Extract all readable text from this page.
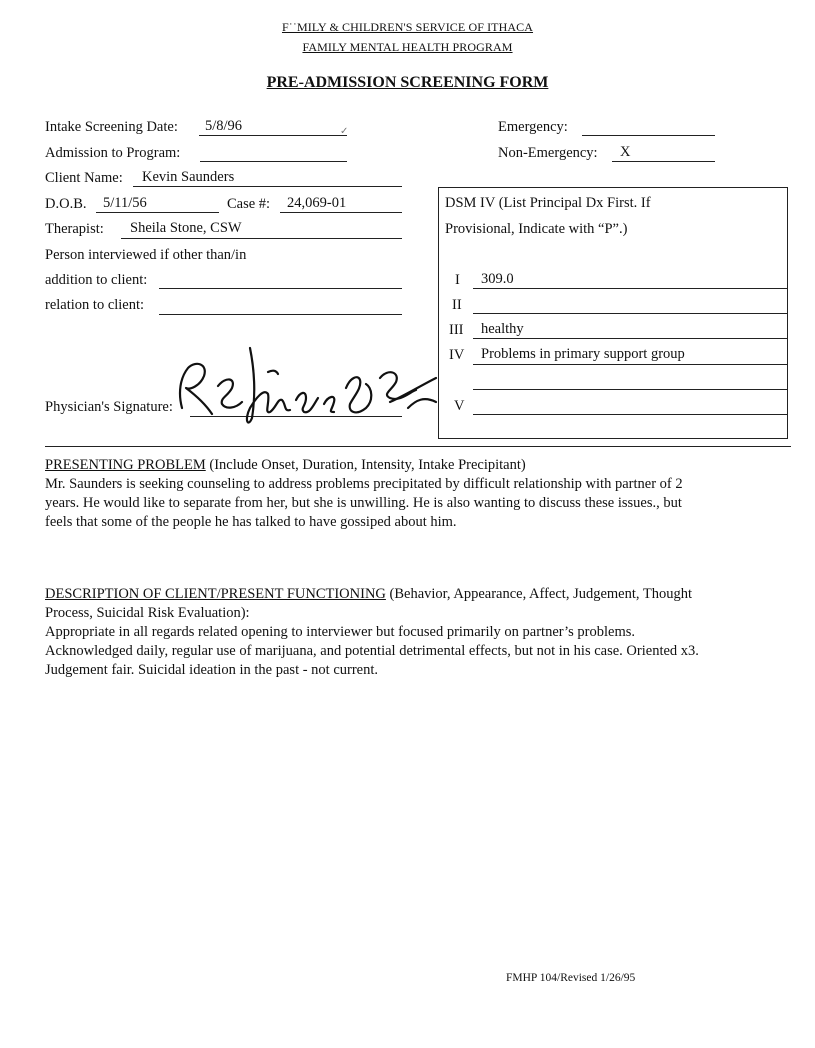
F˙˙MILY & CHILDREN'S SERVICE OF ITHACA
FAMILY MENTAL HEALTH PROGRAM
PRE-ADMISSION SCREENING FORM
Intake Screening Date: 5/8/96	✓
Admission to Program:
Client Name: Kevin Saunders
D.O.B. 5/11/56	Case #: 24,069-01
Therapist: Sheila Stone, CSW
Person interviewed if other than/in
addition to client:
relation to client:
Physician's Signature:
Emergency:
Non-Emergency: X
DSM IV (List Principal Dx First. If
Provisional, Indicate with “P”.)
I 309.0
II
III healthy
IV Problems in primary support group
V
PRESENTING PROBLEM (Include Onset, Duration, Intensity, Intake Precipitant)
Mr. Saunders is seeking counseling to address problems precipitated by difficult relationship with partner of 2
years. He would like to separate from her, but she is unwilling. He is also wanting to discuss these issues., but
feels that some of the people he has talked to have gossiped about him.
DESCRIPTION OF CLIENT/PRESENT FUNCTIONING (Behavior, Appearance, Affect, Judgement, Thought
Process, Suicidal Risk Evaluation):
Appropriate in all regards related opening to interviewer but focused primarily on partner’s problems.
Acknowledged daily, regular use of marijuana, and potential detrimental effects, but not in his case. Oriented x3.
Judgement fair. Suicidal ideation in the past - not current.
FMHP 104/Revised 1/26/95
